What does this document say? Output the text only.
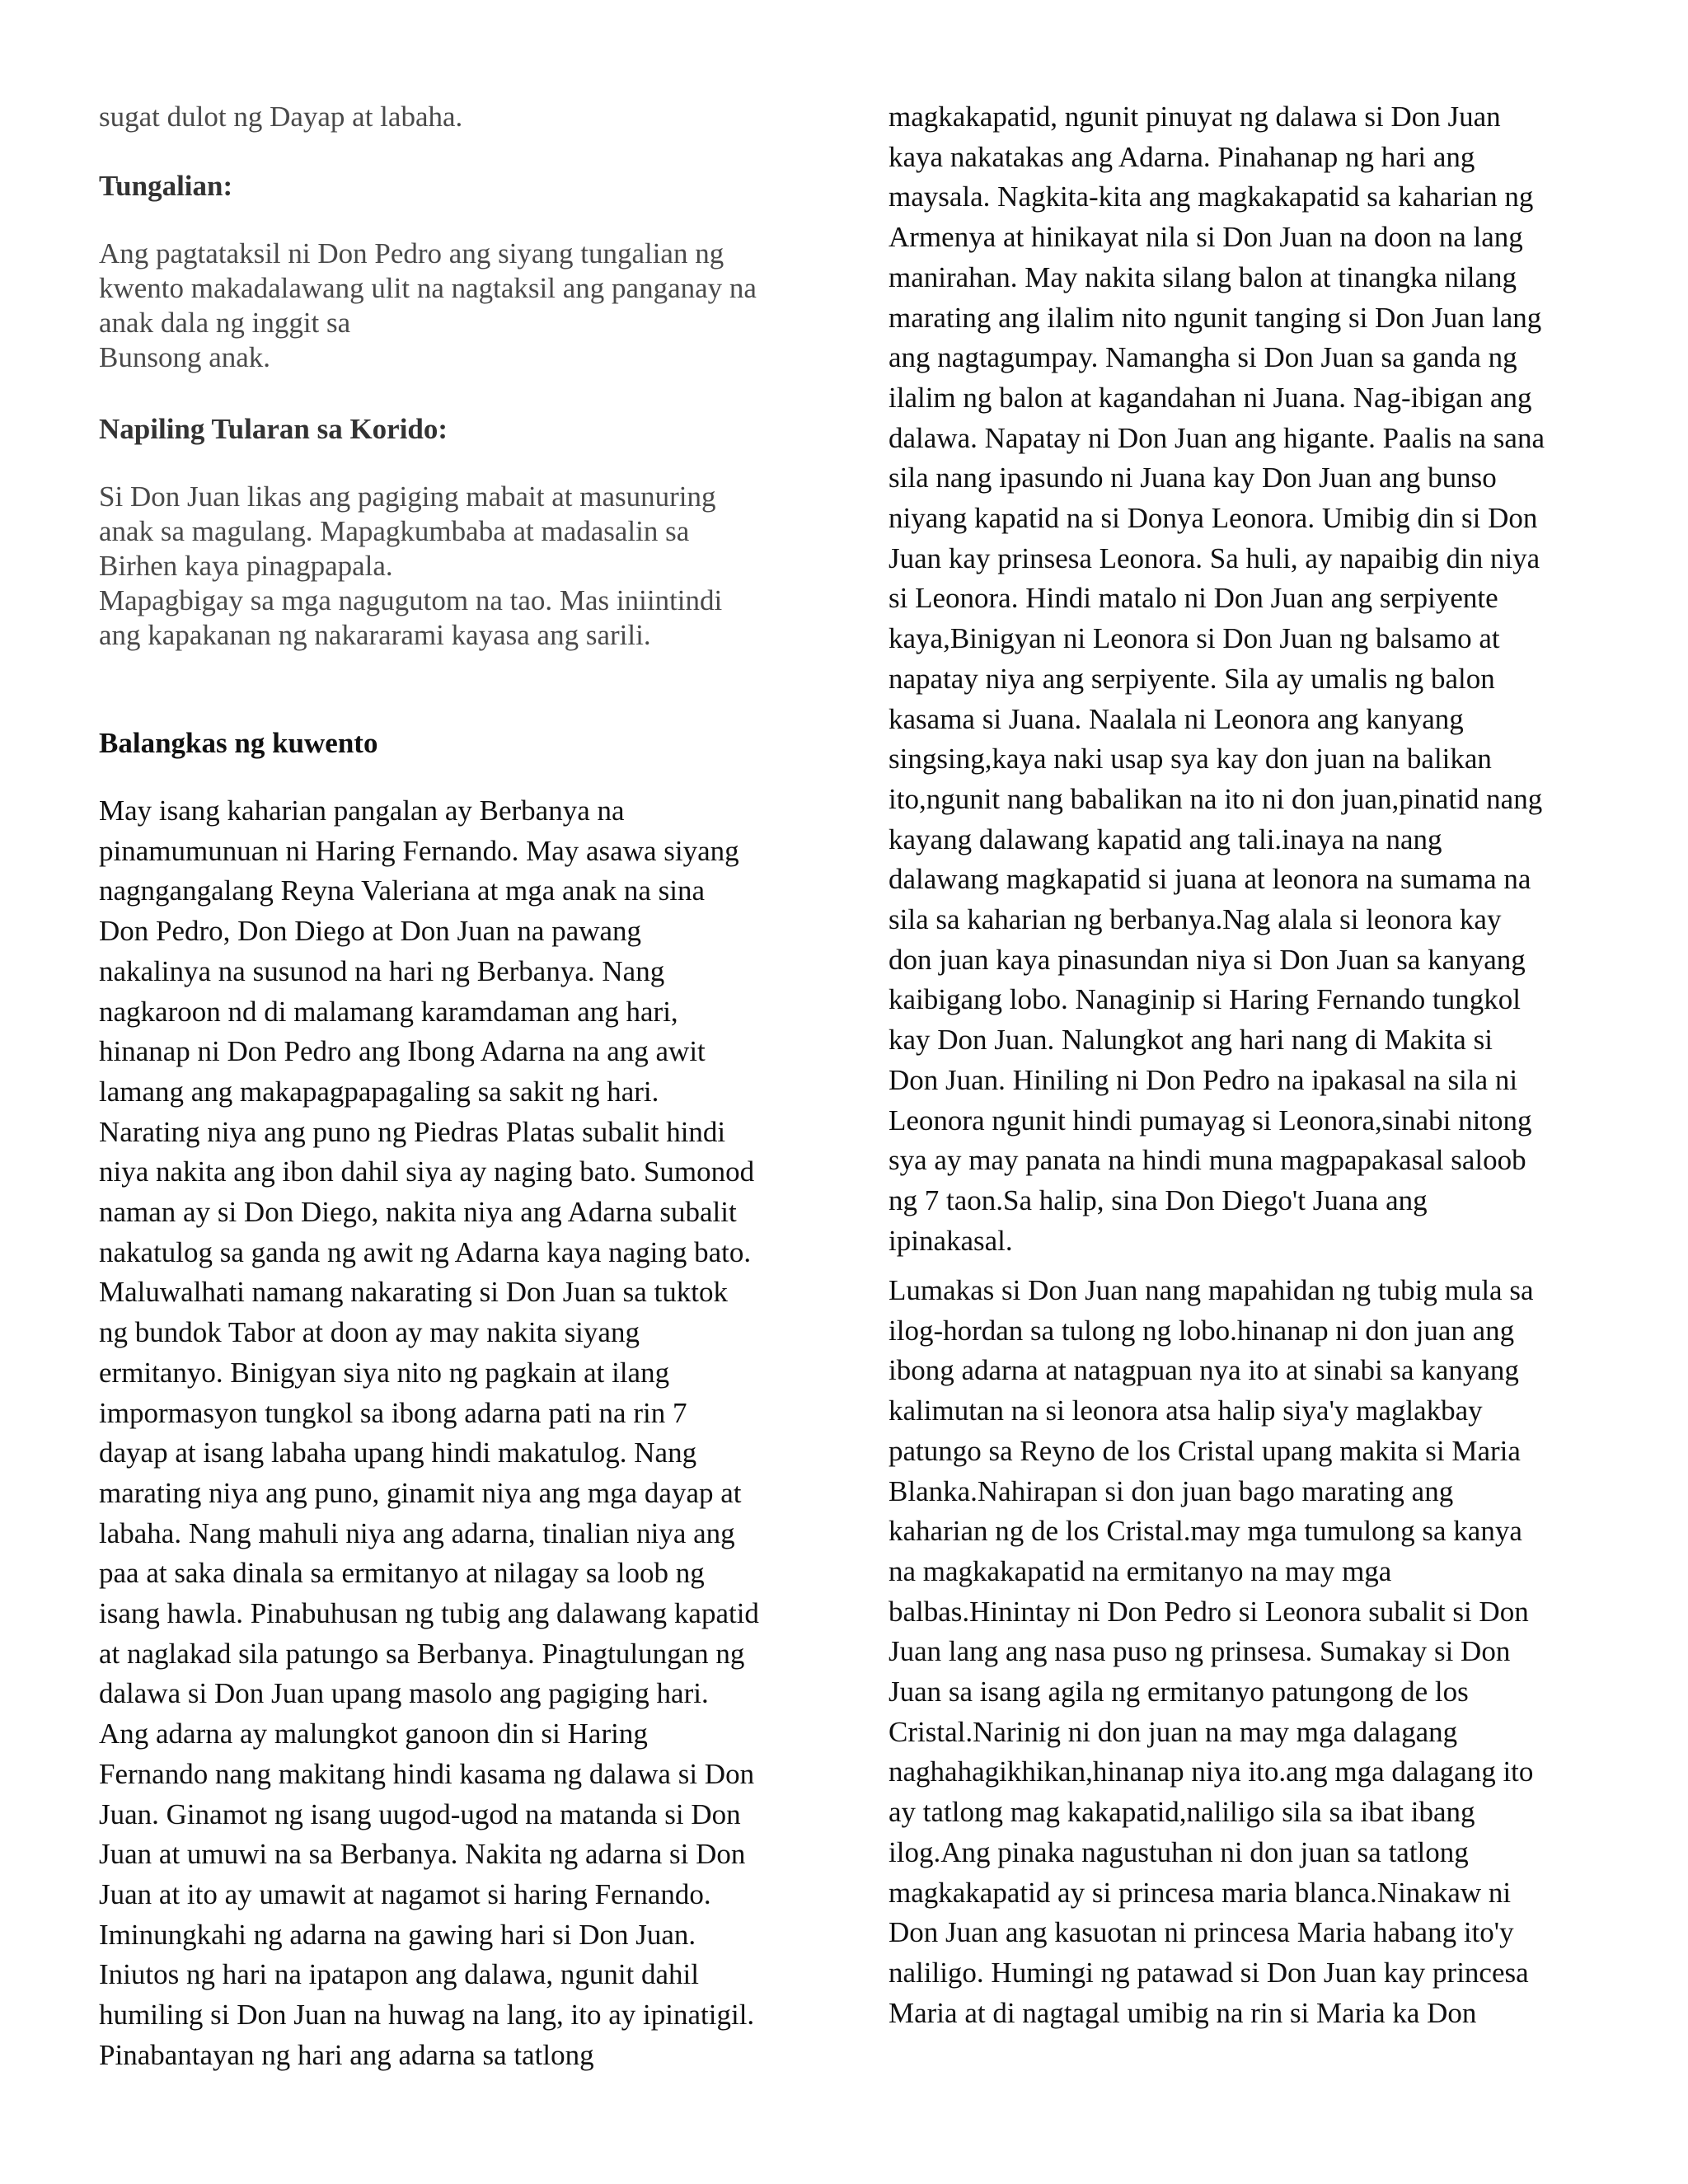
sugat dulot ng Dayap at labaha.
Tungalian:
Ang pagtataksil ni Don Pedro ang siyang tungalian ng
kwento makadalawang ulit na nagtaksil ang panganay na
anak dala ng inggit sa
Bunsong anak.
Napiling Tularan sa Korido:
Si Don Juan likas ang pagiging mabait at masunuring
anak sa magulang. Mapagkumbaba at madasalin sa
Birhen kaya pinagpapala.
Mapagbigay sa mga nagugutom na tao. Mas iniintindi
ang kapakanan ng nakararami kayasa ang sarili.
Balangkas ng kuwento
May isang kaharian pangalan ay Berbanya na
pinamumunuan ni Haring Fernando. May asawa siyang
nagngangalang Reyna Valeriana at mga anak na sina
Don Pedro, Don Diego at Don Juan na pawang
nakalinya na susunod na hari ng Berbanya. Nang
nagkaroon nd di malamang karamdaman ang hari,
hinanap ni Don Pedro ang Ibong Adarna na ang awit
lamang ang makapagpapagaling sa sakit ng hari.
Narating niya ang puno ng Piedras Platas subalit hindi
niya nakita ang ibon dahil siya ay naging bato. Sumonod
naman ay si Don Diego, nakita niya ang Adarna subalit
nakatulog sa ganda ng awit ng Adarna kaya naging bato.
Maluwalhati namang nakarating si Don Juan sa tuktok
ng bundok Tabor at doon ay may nakita siyang
ermitanyo. Binigyan siya nito ng pagkain at ilang
impormasyon tungkol sa ibong adarna pati na rin 7
dayap at isang labaha upang hindi makatulog. Nang
marating niya ang puno, ginamit niya ang mga dayap at
labaha. Nang mahuli niya ang adarna, tinalian niya ang
paa at saka dinala sa ermitanyo at nilagay sa loob ng
isang hawla. Pinabuhusan ng tubig ang dalawang kapatid
at naglakad sila patungo sa Berbanya. Pinagtulungan ng
dalawa si Don Juan upang masolo ang pagiging hari.
Ang adarna ay malungkot ganoon din si Haring
Fernando nang makitang hindi kasama ng dalawa si Don
Juan. Ginamot ng isang uugod-ugod na matanda si Don
Juan at umuwi na sa Berbanya. Nakita ng adarna si Don
Juan at ito ay umawit at nagamot si haring Fernando.
Iminungkahi ng adarna na gawing hari si Don Juan.
Iniutos ng hari na ipatapon ang dalawa, ngunit dahil
humiling si Don Juan na huwag na lang, ito ay ipinatigil.
Pinabantayan ng hari ang adarna sa tatlong
magkakapatid, ngunit pinuyat ng dalawa si Don Juan
kaya nakatakas ang Adarna. Pinahanap ng hari ang
maysala. Nagkita-kita ang magkakapatid sa kaharian ng
Armenya at hinikayat nila si Don Juan na doon na lang
manirahan. May nakita silang balon at tinangka nilang
marating ang ilalim nito ngunit tanging si Don Juan lang
ang nagtagumpay. Namangha si Don Juan sa ganda ng
ilalim ng balon at kagandahan ni Juana. Nag-ibigan ang
dalawa. Napatay ni Don Juan ang higante. Paalis na sana
sila nang ipasundo ni Juana kay Don Juan ang bunso
niyang kapatid na si Donya Leonora. Umibig din si Don
Juan kay prinsesa Leonora. Sa huli, ay napaibig din niya
si Leonora. Hindi matalo ni Don Juan ang serpiyente
kaya,Binigyan ni Leonora si Don Juan ng balsamo at
napatay niya ang serpiyente. Sila ay umalis ng balon
kasama si Juana. Naalala ni Leonora ang kanyang
singsing,kaya naki usap sya kay don juan na balikan
ito,ngunit nang babalikan na ito ni don juan,pinatid nang
kayang dalawang kapatid ang tali.inaya na nang
dalawang magkapatid si juana at leonora na sumama na
sila sa kaharian ng berbanya.Nag alala si leonora kay
don juan kaya pinasundan niya si Don Juan sa kanyang
kaibigang lobo. Nanaginip si Haring Fernando tungkol
kay Don Juan. Nalungkot ang hari nang di Makita si
Don Juan. Hiniling ni Don Pedro na ipakasal na sila ni
Leonora ngunit hindi pumayag si Leonora,sinabi nitong
sya ay may panata na hindi muna magpapakasal saloob
ng 7 taon.Sa halip, sina Don Diego't Juana ang
ipinakasal.
Lumakas si Don Juan nang mapahidan ng tubig mula sa
ilog-hordan sa tulong ng lobo.hinanap ni don juan ang
ibong adarna at natagpuan nya ito at sinabi sa kanyang
kalimutan na si leonora atsa halip siya'y maglakbay
patungo sa Reyno de los Cristal upang makita si Maria
Blanka.Nahirapan si don juan bago marating ang
kaharian ng de los Cristal.may mga tumulong sa kanya
na magkakapatid na ermitanyo na may mga
balbas.Hinintay ni Don Pedro si Leonora subalit si Don
Juan lang ang nasa puso ng prinsesa. Sumakay si Don
Juan sa isang agila ng ermitanyo patungong de los
Cristal.Narinig ni don juan na may mga dalagang
naghahagikhikan,hinanap niya ito.ang mga dalagang ito
ay tatlong mag kakapatid,naliligo sila sa ibat ibang
ilog.Ang pinaka nagustuhan ni don juan sa tatlong
magkakapatid ay si princesa maria blanca.Ninakaw ni
Don Juan ang kasuotan ni princesa Maria habang ito'y
naliligo. Humingi ng patawad si Don Juan kay princesa
Maria at di nagtagal umibig na rin si Maria ka Don
